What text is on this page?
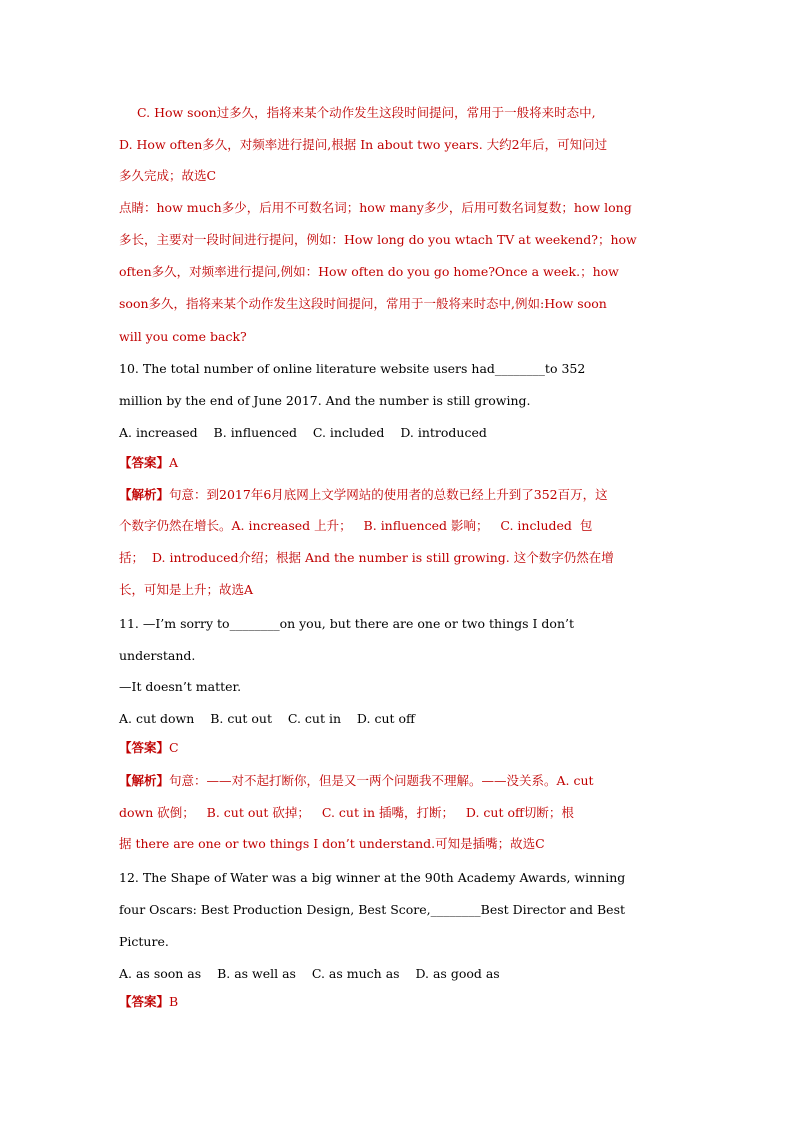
C. How soon过多久，指将来某个动作发生这段时间提问，常用于一般将来时态中,
D. How often多久，对频率进行提问,根据 In about two years. 大约2年后，可知问过
多久完成；故选C
点睛：how much多少，后用不可数名词；how many多少，后用可数名词复数；how long
多长，主要对一段时间进行提问，例如：How long do you wtach TV at weekend?；how
often多久，对频率进行提问,例如：How often do you go home?Once a week.；how
soon多久，指将来某个动作发生这段时间提问，常用于一般将来时态中,例如:How soon
will you come back?
10. The total number of online literature website users had________to 352
million by the end of June 2017. And the number is still growing.
A. increased    B. influenced    C. included    D. introduced
【答案】A
【解析】句意：到2017年6月底网上文学网站的使用者的总数已经上升到了352百万，这
个数字仍然在增长。A. increased 上升；   B. influenced 影响；   C. included  包
括；  D. introduced介绍；根据 And the number is still growing. 这个数字仍然在增
长，可知是上升；故选A
11. —I’m sorry to________on you, but there are one or two things I don’t
understand.
—It doesn’t matter.
A. cut down    B. cut out    C. cut in    D. cut off
【答案】C
【解析】句意：——对不起打断你，但是又一两个问题我不理解。——没关系。A. cut
down 砍倒；   B. cut out 砍掉；   C. cut in 插嘴，打断；   D. cut off切断；根
据 there are one or two things I don’t understand.可知是插嘴；故选C
12. The Shape of Water was a big winner at the 90th Academy Awards, winning
four Oscars: Best Production Design, Best Score,________Best Director and Best
Picture.
A. as soon as    B. as well as    C. as much as    D. as good as
【答案】B
